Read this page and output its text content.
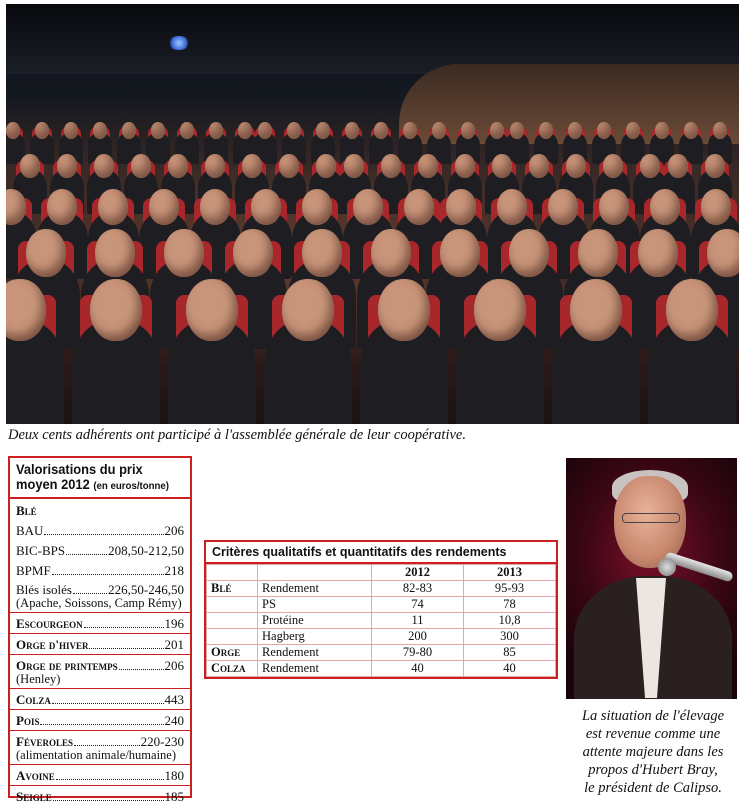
Deux cents adhérents ont participé à l'assemblée générale de leur coopérative.
Valorisations du prix
moyen 2012 (en euros/tonne)
Blé
BAU	206
BIC-BPS	208,50-212,50
BPMF	218
Blés isolés	226,50-246,50
(Apache, Soissons, Camp Rémy)
Escourgeon	196
Orge d'hiver	201
Orge de printemps	206
(Henley)
Colza	443
Pois	240
Féveroles	220-230
(alimentation animale/humaine)
Avoine	180
Seigle	185
Critères qualitatifs et quantitatifs des rendements
		2012	2013
Blé	Rendement	82-83	95-93
	PS	74	78
	Protéine	11	10,8
	Hagberg	200	300
Orge	Rendement	79-80	85
Colza	Rendement	40	40
La situation de l'élevage
est revenue comme une
attente majeure dans les
propos d'Hubert Bray,
le président de Calipso.
